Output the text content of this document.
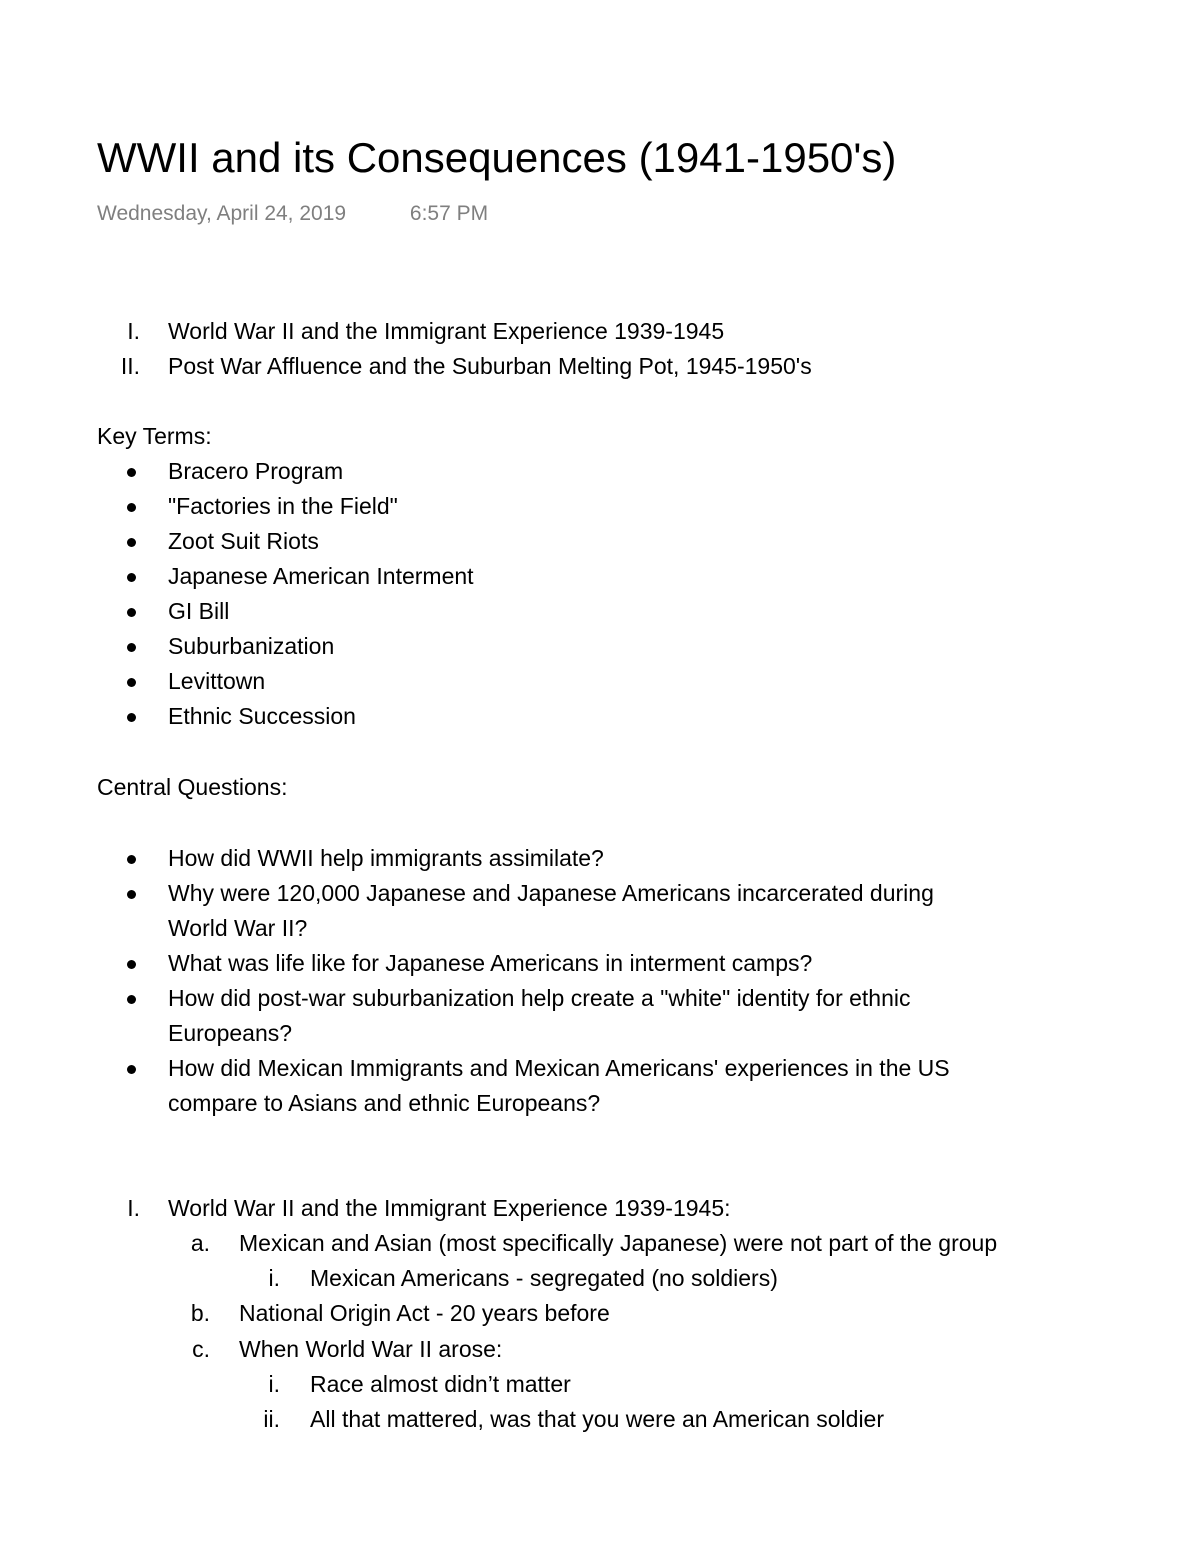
WWII and its Consequences (1941-1950's)
Wednesday, April 24, 2019	6:57 PM
I. World War II and the Immigrant Experience 1939-1945
II. Post War Affluence and the Suburban Melting Pot, 1945-1950's
Key Terms:
Bracero Program
"Factories in the Field"
Zoot Suit Riots
Japanese American Interment
GI Bill
Suburbanization
Levittown
Ethnic Succession
Central Questions:
How did WWII help immigrants assimilate?
Why were 120,000 Japanese and Japanese Americans incarcerated during
World War II?
What was life like for Japanese Americans in interment camps?
How did post-war suburbanization help create a "white" identity for ethnic
Europeans?
How did Mexican Immigrants and Mexican Americans' experiences in the US
compare to Asians and ethnic Europeans?
I. World War II and the Immigrant Experience 1939-1945:
a. Mexican and Asian (most specifically Japanese) were not part of the group
i. Mexican Americans - segregated (no soldiers)
b. National Origin Act - 20 years before
c. When World War II arose:
i. Race almost didn’t matter
ii. All that mattered, was that you were an American soldier
